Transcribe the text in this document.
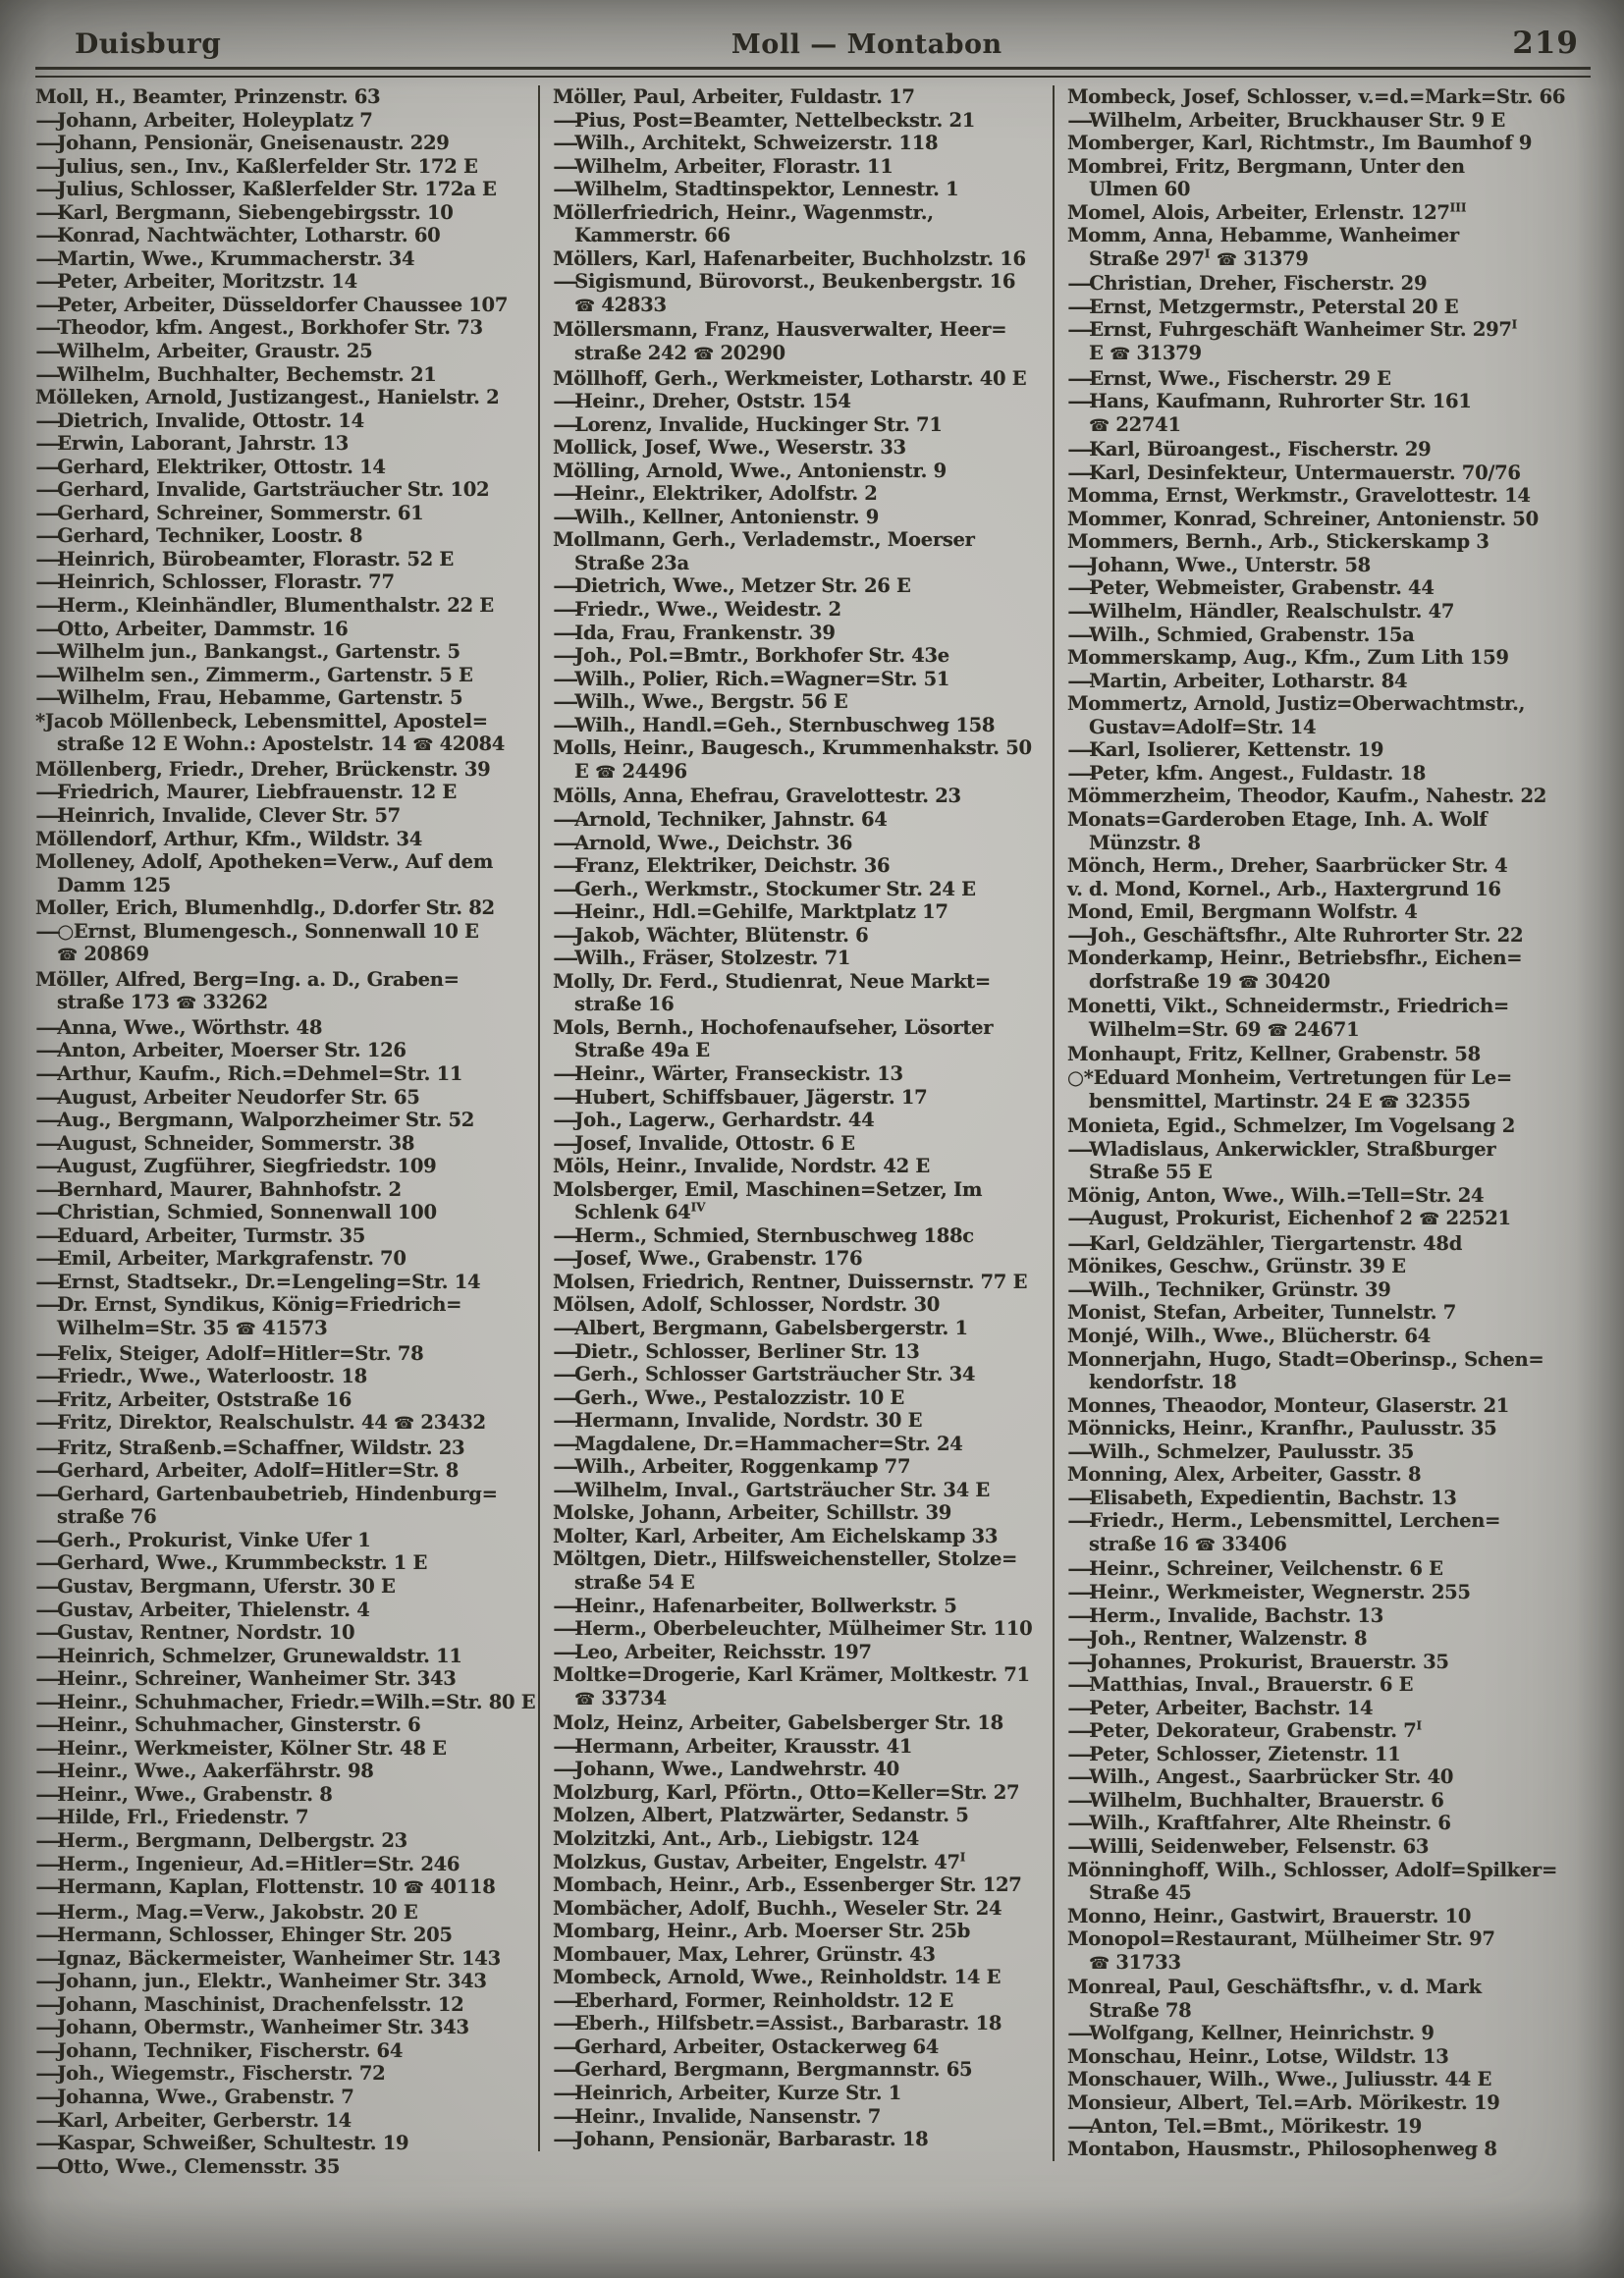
Duisburg	Moll — Montabon	219
Moll, H., Beamter, Prinzenstr. 63
—Johann, Arbeiter, Holeyplatz 7
—Johann, Pensionär, Gneisenaustr. 229
—Julius, sen., Inv., Kaßlerfelder Str. 172 E
—Julius, Schlosser, Kaßlerfelder Str. 172a E
—Karl, Bergmann, Siebengebirgsstr. 10
—Konrad, Nachtwächter, Lotharstr. 60
—Martin, Wwe., Krummacherstr. 34
—Peter, Arbeiter, Moritzstr. 14
—Peter, Arbeiter, Düsseldorfer Chaussee 107
—Theodor, kfm. Angest., Borkhofer Str. 73
—Wilhelm, Arbeiter, Graustr. 25
—Wilhelm, Buchhalter, Bechemstr. 21
Mölleken, Arnold, Justizangest., Hanielstr. 2
—Dietrich, Invalide, Ottostr. 14
—Erwin, Laborant, Jahrstr. 13
—Gerhard, Elektriker, Ottostr. 14
—Gerhard, Invalide, Gartsträucher Str. 102
—Gerhard, Schreiner, Sommerstr. 61
—Gerhard, Techniker, Loostr. 8
—Heinrich, Bürobeamter, Florastr. 52 E
—Heinrich, Schlosser, Florastr. 77
—Herm., Kleinhändler, Blumenthalstr. 22 E
—Otto, Arbeiter, Dammstr. 16
—Wilhelm jun., Bankangst., Gartenstr. 5
—Wilhelm sen., Zimmerm., Gartenstr. 5 E
—Wilhelm, Frau, Hebamme, Gartenstr. 5
*Jacob Möllenbeck, Lebensmittel, Apostel=
straße 12 E Wohn.: Apostelstr. 14 ☎ 42084
Möllenberg, Friedr., Dreher, Brückenstr. 39
—Friedrich, Maurer, Liebfrauenstr. 12 E
—Heinrich, Invalide, Clever Str. 57
Möllendorf, Arthur, Kfm., Wildstr. 34
Molleney, Adolf, Apotheken=Verw., Auf dem
Damm 125
Moller, Erich, Blumenhdlg., D.dorfer Str. 82
—○Ernst, Blumengesch., Sonnenwall 10 E
☎ 20869
Möller, Alfred, Berg=Ing. a. D., Graben=
straße 173 ☎ 33262
—Anna, Wwe., Wörthstr. 48
—Anton, Arbeiter, Moerser Str. 126
—Arthur, Kaufm., Rich.=Dehmel=Str. 11
—August, Arbeiter Neudorfer Str. 65
—Aug., Bergmann, Walporzheimer Str. 52
—August, Schneider, Sommerstr. 38
—August, Zugführer, Siegfriedstr. 109
—Bernhard, Maurer, Bahnhofstr. 2
—Christian, Schmied, Sonnenwall 100
—Eduard, Arbeiter, Turmstr. 35
—Emil, Arbeiter, Markgrafenstr. 70
—Ernst, Stadtsekr., Dr.=Lengeling=Str. 14
—Dr. Ernst, Syndikus, König=Friedrich=
Wilhelm=Str. 35 ☎ 41573
—Felix, Steiger, Adolf=Hitler=Str. 78
—Friedr., Wwe., Waterloostr. 18
—Fritz, Arbeiter, Oststraße 16
—Fritz, Direktor, Realschulstr. 44 ☎ 23432
—Fritz, Straßenb.=Schaffner, Wildstr. 23
—Gerhard, Arbeiter, Adolf=Hitler=Str. 8
—Gerhard, Gartenbaubetrieb, Hindenburg=
straße 76
—Gerh., Prokurist, Vinke Ufer 1
—Gerhard, Wwe., Krummbeckstr. 1 E
—Gustav, Bergmann, Uferstr. 30 E
—Gustav, Arbeiter, Thielenstr. 4
—Gustav, Rentner, Nordstr. 10
—Heinrich, Schmelzer, Grunewaldstr. 11
—Heinr., Schreiner, Wanheimer Str. 343
—Heinr., Schuhmacher, Friedr.=Wilh.=Str. 80 E
—Heinr., Schuhmacher, Ginsterstr. 6
—Heinr., Werkmeister, Kölner Str. 48 E
—Heinr., Wwe., Aakerfährstr. 98
—Heinr., Wwe., Grabenstr. 8
—Hilde, Frl., Friedenstr. 7
—Herm., Bergmann, Delbergstr. 23
—Herm., Ingenieur, Ad.=Hitler=Str. 246
—Hermann, Kaplan, Flottenstr. 10 ☎ 40118
—Herm., Mag.=Verw., Jakobstr. 20 E
—Hermann, Schlosser, Ehinger Str. 205
—Ignaz, Bäckermeister, Wanheimer Str. 143
—Johann, jun., Elektr., Wanheimer Str. 343
—Johann, Maschinist, Drachenfelsstr. 12
—Johann, Obermstr., Wanheimer Str. 343
—Johann, Techniker, Fischerstr. 64
—Joh., Wiegemstr., Fischerstr. 72
—Johanna, Wwe., Grabenstr. 7
—Karl, Arbeiter, Gerberstr. 14
—Kaspar, Schweißer, Schultestr. 19
—Otto, Wwe., Clemensstr. 35
Möller, Paul, Arbeiter, Fuldastr. 17
—Pius, Post=Beamter, Nettelbeckstr. 21
—Wilh., Architekt, Schweizerstr. 118
—Wilhelm, Arbeiter, Florastr. 11
—Wilhelm, Stadtinspektor, Lennestr. 1
Möllerfriedrich, Heinr., Wagenmstr.,
Kammerstr. 66
Möllers, Karl, Hafenarbeiter, Buchholzstr. 16
—Sigismund, Bürovorst., Beukenbergstr. 16
☎ 42833
Möllersmann, Franz, Hausverwalter, Heer=
straße 242 ☎ 20290
Möllhoff, Gerh., Werkmeister, Lotharstr. 40 E
—Heinr., Dreher, Oststr. 154
—Lorenz, Invalide, Huckinger Str. 71
Mollick, Josef, Wwe., Weserstr. 33
Mölling, Arnold, Wwe., Antonienstr. 9
—Heinr., Elektriker, Adolfstr. 2
—Wilh., Kellner, Antonienstr. 9
Mollmann, Gerh., Verlademstr., Moerser
Straße 23a
—Dietrich, Wwe., Metzer Str. 26 E
—Friedr., Wwe., Weidestr. 2
—Ida, Frau, Frankenstr. 39
—Joh., Pol.=Bmtr., Borkhofer Str. 43e
—Wilh., Polier, Rich.=Wagner=Str. 51
—Wilh., Wwe., Bergstr. 56 E
—Wilh., Handl.=Geh., Sternbuschweg 158
Molls, Heinr., Baugesch., Krummenhakstr. 50
E ☎ 24496
Mölls, Anna, Ehefrau, Gravelottestr. 23
—Arnold, Techniker, Jahnstr. 64
—Arnold, Wwe., Deichstr. 36
—Franz, Elektriker, Deichstr. 36
—Gerh., Werkmstr., Stockumer Str. 24 E
—Heinr., Hdl.=Gehilfe, Marktplatz 17
—Jakob, Wächter, Blütenstr. 6
—Wilh., Fräser, Stolzestr. 71
Molly, Dr. Ferd., Studienrat, Neue Markt=
straße 16
Mols, Bernh., Hochofenaufseher, Lösorter
Straße 49a E
—Heinr., Wärter, Franseckistr. 13
—Hubert, Schiffsbauer, Jägerstr. 17
—Joh., Lagerw., Gerhardstr. 44
—Josef, Invalide, Ottostr. 6 E
Möls, Heinr., Invalide, Nordstr. 42 E
Molsberger, Emil, Maschinen=Setzer, Im
Schlenk $64^{IV}$
—Herm., Schmied, Sternbuschweg 188c
—Josef, Wwe., Grabenstr. 176
Molsen, Friedrich, Rentner, Duissernstr. 77 E
Mölsen, Adolf, Schlosser, Nordstr. 30
—Albert, Bergmann, Gabelsbergerstr. 1
—Dietr., Schlosser, Berliner Str. 13
—Gerh., Schlosser Gartsträucher Str. 34
—Gerh., Wwe., Pestalozzistr. 10 E
—Hermann, Invalide, Nordstr. 30 E
—Magdalene, Dr.=Hammacher=Str. 24
—Wilh., Arbeiter, Roggenkamp 77
—Wilhelm, Inval., Gartsträucher Str. 34 E
Molske, Johann, Arbeiter, Schillstr. 39
Molter, Karl, Arbeiter, Am Eichelskamp 33
Möltgen, Dietr., Hilfsweichensteller, Stolze=
straße 54 E
—Heinr., Hafenarbeiter, Bollwerkstr. 5
—Herm., Oberbeleuchter, Mülheimer Str. 110
—Leo, Arbeiter, Reichsstr. 197
Moltke=Drogerie, Karl Krämer, Moltkestr. 71
☎ 33734
Molz, Heinz, Arbeiter, Gabelsberger Str. 18
—Hermann, Arbeiter, Krausstr. 41
—Johann, Wwe., Landwehrstr. 40
Molzburg, Karl, Pförtn., Otto=Keller=Str. 27
Molzen, Albert, Platzwärter, Sedanstr. 5
Molzitzki, Ant., Arb., Liebigstr. 124
Molzkus, Gustav, Arbeiter, Engelstr. $47^I$
Mombach, Heinr., Arb., Essenberger Str. 127
Mombächer, Adolf, Buchh., Weseler Str. 24
Mombarg, Heinr., Arb. Moerser Str. 25b
Mombauer, Max, Lehrer, Grünstr. 43
Mombeck, Arnold, Wwe., Reinholdstr. 14 E
—Eberhard, Former, Reinholdstr. 12 E
—Eberh., Hilfsbetr.=Assist., Barbarastr. 18
—Gerhard, Arbeiter, Ostackerweg 64
—Gerhard, Bergmann, Bergmannstr. 65
—Heinrich, Arbeiter, Kurze Str. 1
—Heinr., Invalide, Nansenstr. 7
—Johann, Pensionär, Barbarastr. 18
Mombeck, Josef, Schlosser, v.=d.=Mark=Str. 66
—Wilhelm, Arbeiter, Bruckhauser Str. 9 E
Momberger, Karl, Richtmstr., Im Baumhof 9
Mombrei, Fritz, Bergmann, Unter den
Ulmen 60
Momel, Alois, Arbeiter, Erlenstr. $127^{III}$
Momm, Anna, Hebamme, Wanheimer
Straße $297^I$ ☎ 31379
—Christian, Dreher, Fischerstr. 29
—Ernst, Metzgermstr., Peterstal 20 E
—Ernst, Fuhrgeschäft Wanheimer Str. $297^I$
E ☎ 31379
—Ernst, Wwe., Fischerstr. 29 E
—Hans, Kaufmann, Ruhrorter Str. 161
☎ 22741
—Karl, Büroangest., Fischerstr. 29
—Karl, Desinfekteur, Untermauerstr. 70/76
Momma, Ernst, Werkmstr., Gravelottestr. 14
Mommer, Konrad, Schreiner, Antonienstr. 50
Mommers, Bernh., Arb., Stickerskamp 3
—Johann, Wwe., Unterstr. 58
—Peter, Webmeister, Grabenstr. 44
—Wilhelm, Händler, Realschulstr. 47
—Wilh., Schmied, Grabenstr. 15a
Mommerskamp, Aug., Kfm., Zum Lith 159
—Martin, Arbeiter, Lotharstr. 84
Mommertz, Arnold, Justiz=Oberwachtmstr.,
Gustav=Adolf=Str. 14
—Karl, Isolierer, Kettenstr. 19
—Peter, kfm. Angest., Fuldastr. 18
Mömmerzheim, Theodor, Kaufm., Nahestr. 22
Monats=Garderoben Etage, Inh. A. Wolf
Münzstr. 8
Mönch, Herm., Dreher, Saarbrücker Str. 4
v. d. Mond, Kornel., Arb., Haxtergrund 16
Mond, Emil, Bergmann Wolfstr. 4
—Joh., Geschäftsfhr., Alte Ruhrorter Str. 22
Monderkamp, Heinr., Betriebsfhr., Eichen=
dorfstraße 19 ☎ 30420
Monetti, Vikt., Schneidermstr., Friedrich=
Wilhelm=Str. 69 ☎ 24671
Monhaupt, Fritz, Kellner, Grabenstr. 58
○*Eduard Monheim, Vertretungen für Le=
bensmittel, Martinstr. 24 E ☎ 32355
Monieta, Egid., Schmelzer, Im Vogelsang 2
—Wladislaus, Ankerwickler, Straßburger
Straße 55 E
Mönig, Anton, Wwe., Wilh.=Tell=Str. 24
—August, Prokurist, Eichenhof 2 ☎ 22521
—Karl, Geldzähler, Tiergartenstr. 48d
Mönikes, Geschw., Grünstr. 39 E
—Wilh., Techniker, Grünstr. 39
Monist, Stefan, Arbeiter, Tunnelstr. 7
Monjé, Wilh., Wwe., Blücherstr. 64
Monnerjahn, Hugo, Stadt=Oberinsp., Schen=
kendorfstr. 18
Monnes, Theaodor, Monteur, Glaserstr. 21
Mönnicks, Heinr., Kranfhr., Paulusstr. 35
—Wilh., Schmelzer, Paulusstr. 35
Monning, Alex, Arbeiter, Gasstr. 8
—Elisabeth, Expedientin, Bachstr. 13
—Friedr., Herm., Lebensmittel, Lerchen=
straße 16 ☎ 33406
—Heinr., Schreiner, Veilchenstr. 6 E
—Heinr., Werkmeister, Wegnerstr. 255
—Herm., Invalide, Bachstr. 13
—Joh., Rentner, Walzenstr. 8
—Johannes, Prokurist, Brauerstr. 35
—Matthias, Inval., Brauerstr. 6 E
—Peter, Arbeiter, Bachstr. 14
—Peter, Dekorateur, Grabenstr. $7^I$
—Peter, Schlosser, Zietenstr. 11
—Wilh., Angest., Saarbrücker Str. 40
—Wilhelm, Buchhalter, Brauerstr. 6
—Wilh., Kraftfahrer, Alte Rheinstr. 6
—Willi, Seidenweber, Felsenstr. 63
Mönninghoff, Wilh., Schlosser, Adolf=Spilker=
Straße 45
Monno, Heinr., Gastwirt, Brauerstr. 10
Monopol=Restaurant, Mülheimer Str. 97
☎ 31733
Monreal, Paul, Geschäftsfhr., v. d. Mark
Straße 78
—Wolfgang, Kellner, Heinrichstr. 9
Monschau, Heinr., Lotse, Wildstr. 13
Monschauer, Wilh., Wwe., Juliusstr. 44 E
Monsieur, Albert, Tel.=Arb. Mörikestr. 19
—Anton, Tel.=Bmt., Mörikestr. 19
Montabon, Hausmstr., Philosophenweg 8
